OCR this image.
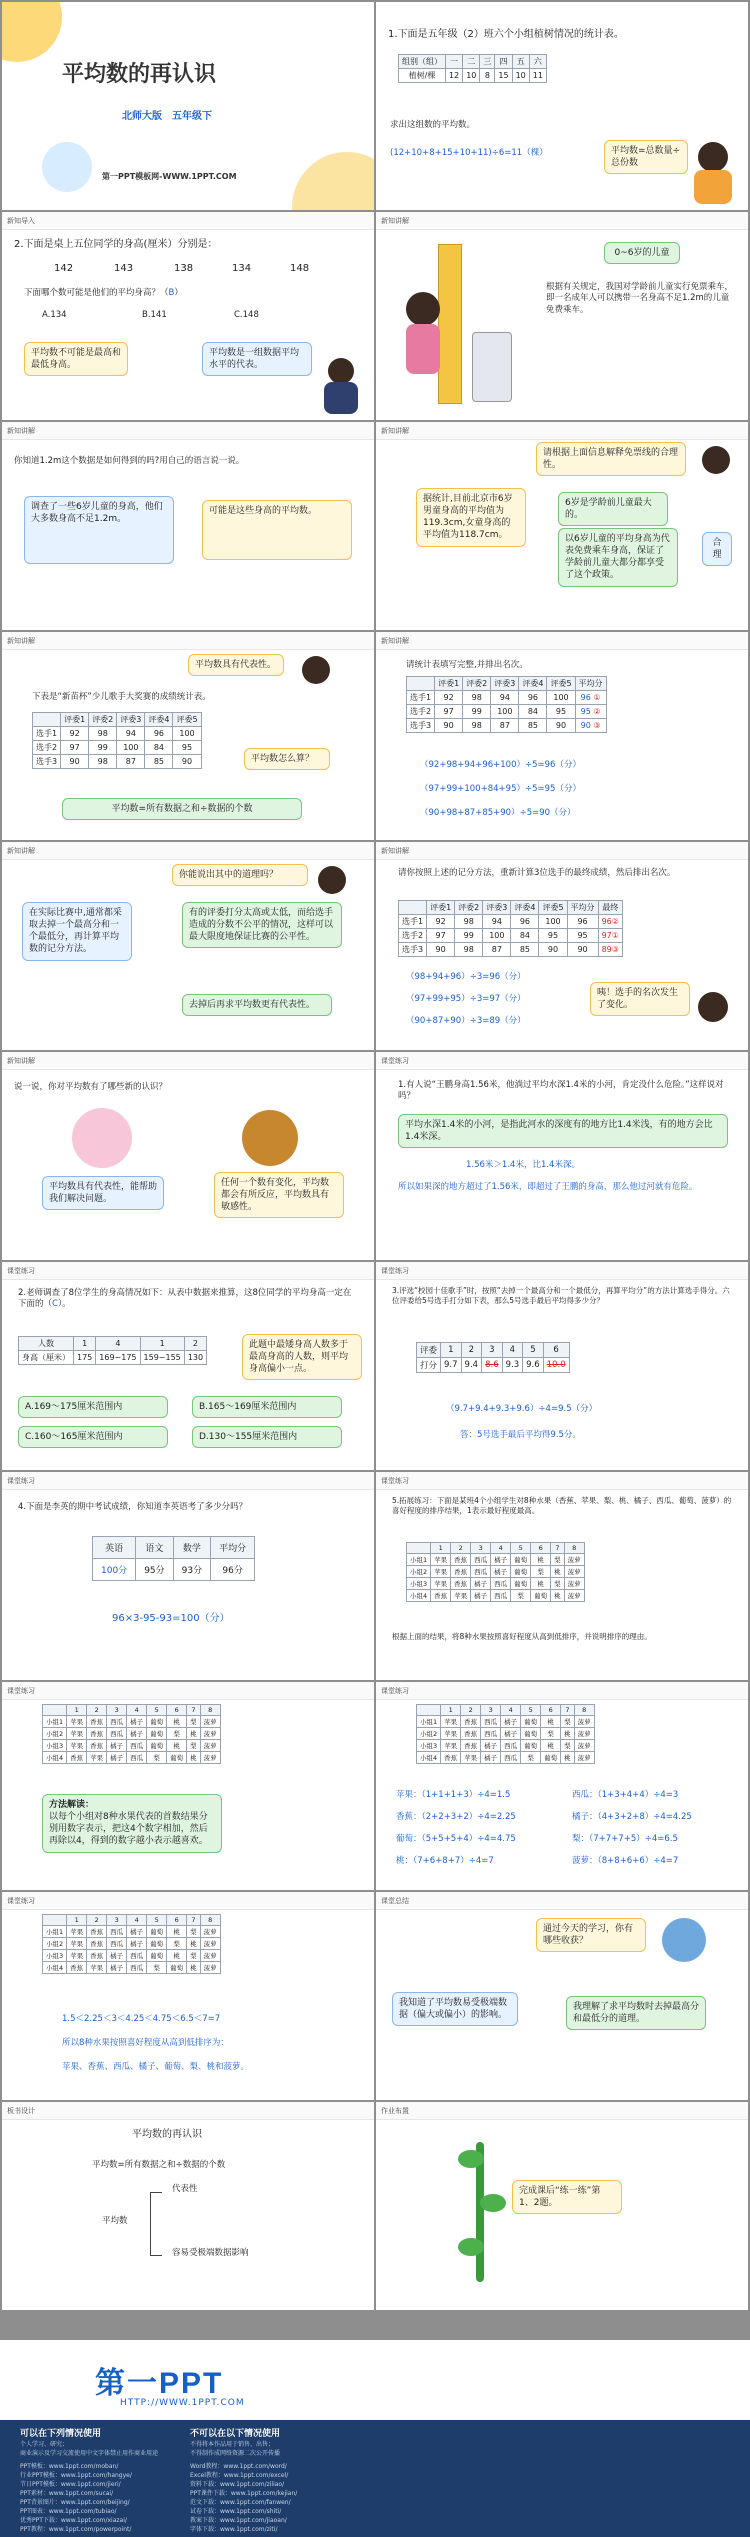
平均数的再认识
北师大版　五年级下
第一PPT模板网-WWW.1PPT.COM
1.下面是五年级（2）班六个小组植树情况的统计表。
组别（组）	一	二	三	四	五	六
植树/棵	12	10	8	15	10	11
求出这组数的平均数。
(12+10+8+15+10+11)÷6=11（棵）	平均数=总数量÷总份数
新知导入
2.下面是桌上五位同学的身高(厘米）分别是：
142	143	138	134	148
下面哪个数可能是他们的平均身高？（B）
A.134	B.141	C.148
平均数不可能是最高和最低身高。
平均数是一组数据平均水平的代表。
新知讲解
0~6岁的儿童
根据有关规定，我国对学龄前儿童实行免票乘车，即一名成年人可以携带一名身高不足1.2m的儿童免费乘车。
新知讲解
你知道1.2m这个数据是如何得到的吗?用自己的语言说一说。
调查了一些6岁儿童的身高，他们大多数身高不足1.2m。
可能是这些身高的平均数。
新知讲解
请根据上面信息解释免票线的合理性。
据统计,目前北京市6岁男童身高的平均值为119.3cm,女童身高的平均值为118.7cm。
6岁是学龄前儿童最大的。
以6岁儿童的平均身高为代表免费乘车身高，保证了学龄前儿童大都分都享受了这个政策。
合理
新知讲解
平均数具有代表性。
下表是“新苗杯”少儿歌手大奖赛的成绩统计表。
	评委1	评委2	评委3	评委4	评委5
选手1	92	98	94	96	100
选手2	97	99	100	84	95
选手3	90	98	87	85	90	平均数怎么算？
平均数=所有数据之和÷数据的个数
新知讲解
请统计表填写完整,并排出名次。
	评委1	评委2	评委3	评委4	评委5	平均分
选手1	92	98	94	96	100	96 ①
选手2	97	99	100	84	95	95 ②
选手3	90	98	87	85	90	90 ③
（92+98+94+96+100）÷5=96（分）
（97+99+100+84+95）÷5=95（分）
（90+98+87+85+90）÷5=90（分）
新知讲解
你能说出其中的道理吗？
在实际比赛中,通常都采取去掉一个最高分和一个最低分，再计算平均数的记分方法。
有的评委打分太高或太低，而给选手造成的分数不公平的情况，这样可以最大限度地保证比赛的公平性。
去掉后再求平均数更有代表性。
新知讲解
请你按照上述的记分方法，重新计算3位选手的最终成绩，然后排出名次。
	评委1	评委2	评委3	评委4	评委5	平均分	最终
选手1	92	98	94	96	100	96	96②
选手2	97	99	100	84	95	95	97①
选手3	90	98	87	85	90	90	89③
（98+94+96）÷3=96（分）
（97+99+95）÷3=97（分）
（90+87+90）÷3=89（分）
咦！选手的名次发生了变化。
新知讲解
说一说，你对平均数有了哪些新的认识？
平均数具有代表性，能帮助我们解决问题。
任何一个数有变化，平均数都会有所反应，平均数具有敏感性。
课堂练习
1.有人说“王鹏身高1.56米，他淌过平均水深1.4米的小河，肯定没什么危险。”这样说对吗？
平均水深1.4米的小河，是指此河水的深度有的地方比1.4米浅，有的地方会比1.4米深。
1.56米＞1.4米，比1.4米深。
所以如果深的地方超过了1.56米，即超过了王鹏的身高，那么他过河就有危险。
课堂练习
2.老师调查了8位学生的身高情况如下：从表中数据来推算，这8位同学的平均身高一定在下面的（C）。
人数	1	4	1	2
身高（厘米）	175	169~175	159~155	130
此题中最矮身高人数多于最高身高的人数，则平均身高偏小一点。
A.169～175厘米范围内	B.165～169厘米范围内
C.160～165厘米范围内	D.130～155厘米范围内
课堂练习
3.评选“校园十佳歌手”时，按照“去掉一个最高分和一个最低分，再算平均分”的方法计算选手得分。六位评委给5号选手打分如下表，那么5号选手最后平均得多少分？
评委	1	2	3	4	5	6
打分	9.7	9.4	8.6	9.3	9.6	10.0
（9.7+9.4+9.3+9.6）÷4=9.5（分）
答：5号选手最后平均得9.5分。
课堂练习
4.下面是李英的期中考试成绩，你知道李英语考了多少分吗？
英语	语文	数学	平均分
100分	95分	93分	96分
96×3-95-93=100（分）
课堂练习
5.拓展练习：下面是某班4个小组学生对8种水果（香蕉、苹果、梨、桃、橘子、西瓜、葡萄、菠萝）的喜好程度的排序结果，1表示最好程度最高。
	1	2	3	4	5	6	7	8
小组1	苹果	香蕉	西瓜	橘子	葡萄	桃	梨	菠萝
小组2	苹果	香蕉	西瓜	橘子	葡萄	梨	桃	菠萝
小组3	苹果	香蕉	橘子	西瓜	葡萄	桃	梨	菠萝
小组4	香蕉	苹果	橘子	西瓜	梨	葡萄	桃	菠萝
根据上面的结果，将8种水果按照喜好程度从高到低排序，并说明排序的理由。
课堂练习
	1	2	3	4	5	6	7	8
小组1	苹果	香蕉	西瓜	橘子	葡萄	桃	梨	菠萝
小组2	苹果	香蕉	西瓜	橘子	葡萄	梨	桃	菠萝
小组3	苹果	香蕉	橘子	西瓜	葡萄	桃	梨	菠萝
小组4	香蕉	苹果	橘子	西瓜	梨	葡萄	桃	菠萝
方法解读：
以每个小组对8种水果代表的首数结果分别用数字表示，把这4个数字相加，然后再除以4，得到的数字越小表示越喜欢。
课堂练习
	1	2	3	4	5	6	7	8
小组1	苹果	香蕉	西瓜	橘子	葡萄	桃	梨	菠萝
小组2	苹果	香蕉	西瓜	橘子	葡萄	梨	桃	菠萝
小组3	苹果	香蕉	橘子	西瓜	葡萄	桃	梨	菠萝
小组4	香蕉	苹果	橘子	西瓜	梨	葡萄	桃	菠萝
苹果：（1+1+1+3）÷4=1.5	西瓜：（1+3+4+4）÷4=3
香蕉：（2+2+3+2）÷4=2.25	橘子：（4+3+2+8）÷4=4.25
葡萄：（5+5+5+4）÷4=4.75	梨：（7+7+7+5）÷4=6.5
桃：（7+6+8+7）÷4=7	菠萝：（8+8+6+6）÷4=7
课堂练习
	1	2	3	4	5	6	7	8
小组1	苹果	香蕉	西瓜	橘子	葡萄	桃	梨	菠萝
小组2	苹果	香蕉	西瓜	橘子	葡萄	梨	桃	菠萝
小组3	苹果	香蕉	橘子	西瓜	葡萄	桃	梨	菠萝
小组4	香蕉	苹果	橘子	西瓜	梨	葡萄	桃	菠萝
1.5＜2.25＜3＜4.25＜4.75＜6.5＜7=7
所以8种水果按照喜好程度从高到低排序为：
苹果、香蕉、西瓜、橘子、葡萄、梨、桃和菠萝。
课堂总结
通过今天的学习，你有哪些收获？
我知道了平均数易受极端数据（偏大或偏小）的影响。
我理解了求平均数时去掉最高分和最低分的道理。
板书设计
平均数的再认识
平均数=所有数据之和÷数据的个数
平均数
代表性
容易受极端数据影响
作业布置
完成课后“练一练”第1、2题。
第一PPT
HTTP://WWW.1PPT.COM
可以在下列情况使用	不可以在以下情况使用
个人学习、研究；
商业演示及学习交流使用中文字体禁止用作商业用途
不得将本作品用于销售、出售；
不得制作成网络资源二次公开传播
PPT模板：www.1ppt.com/moban/
行业PPT模板：www.1ppt.com/hangye/
节日PPT模板：www.1ppt.com/jieri/
PPT素材：www.1ppt.com/sucai/
PPT背景图片：www.1ppt.com/beijing/
PPT图表：www.1ppt.com/tubiao/
优秀PPT下载：www.1ppt.com/xiazai/
PPT教程：www.1ppt.com/powerpoint/
Word教程：www.1ppt.com/word/
Excel教程：www.1ppt.com/excel/
资料下载：www.1ppt.com/ziliao/
PPT课件下载：www.1ppt.com/kejian/
范文下载：www.1ppt.com/fanwen/
试卷下载：www.1ppt.com/shiti/
教案下载：www.1ppt.com/jiaoan/
字体下载：www.1ppt.com/ziti/
